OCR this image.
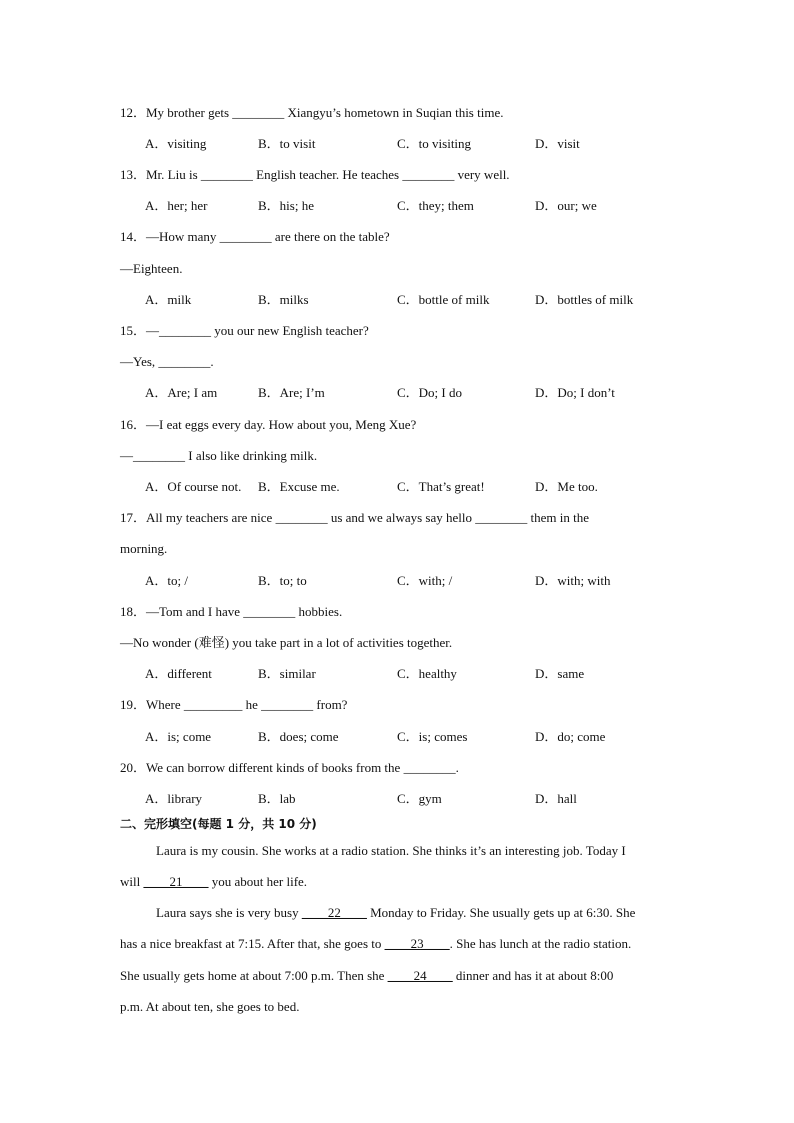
12．My brother gets ________ Xiangyu’s hometown in Suqian this time.
A．visiting	B．to visit	C．to visiting	D．visit
13．Mr. Liu is ________ English teacher. He teaches ________ very well.
A．her; her	B．his; he	C．they; them	D．our; we
14．—How many ________ are there on the table?
—Eighteen.
A．milk	B．milks	C．bottle of milk	D．bottles of milk
15．—________ you our new English teacher?
—Yes, ________.
A．Are; I am	B．Are; I’m	C．Do; I do	D．Do; I don’t
16．—I eat eggs every day. How about you, Meng Xue?
—________ I also like drinking milk.
A．Of course not. B．Excuse me.	C．That’s great!	D．Me too.
17．All my teachers are nice ________ us and we always say hello ________ them in the
morning.
A．to; /	B．to; to	C．with; /	D．with; with
18．—Tom and I have ________ hobbies.
—No wonder (难怪) you take part in a lot of activities together.
A．different	B．similar	C．healthy	D．same
19．Where _________ he ________ from?
A．is; come	B．does; come	C．is; comes	D．do; come
20．We can borrow different kinds of books from the ________.
A．library	B．lab	C．gym	D．hall
二、完形填空(每题 1 分，共 10 分)
Laura is my cousin. She works at a radio station. She thinks it’s an interesting job. Today I
will ____21____ you about her life.
Laura says she is very busy ____22____ Monday to Friday. She usually gets up at 6:30. She
has a nice breakfast at 7:15. After that, she goes to ____23____. She has lunch at the radio station.
She usually gets home at about 7:00 p.m. Then she ____24____ dinner and has it at about 8:00
p.m. At about ten, she goes to bed.
